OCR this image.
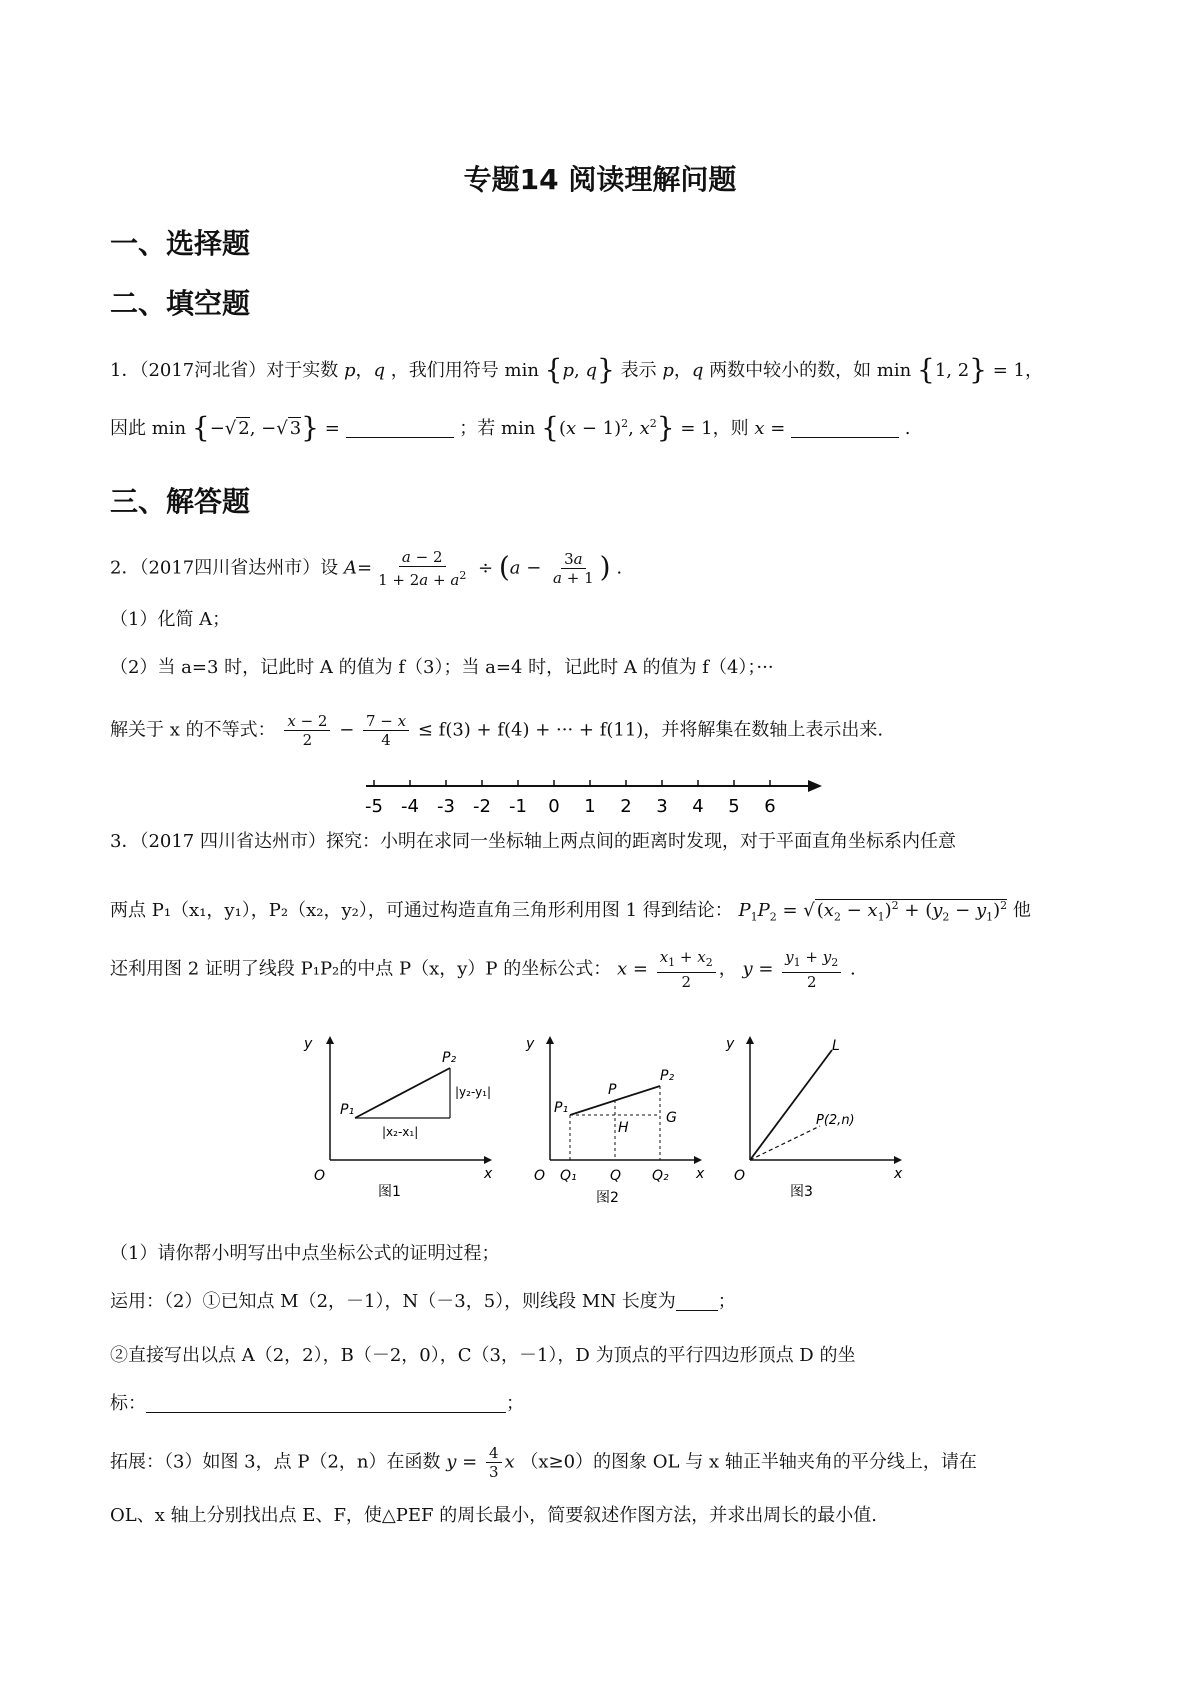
专题14 阅读理解问题
一、选择题
二、填空题
1．（2017河北省）对于实数 p，q ，我们用符号 min {p, q} 表示 p，q 两数中较小的数，如 min {1, 2} = 1，
因此 min {−√ 2, −√ 3} =	；若 $\min \{(x - 1)^2$, $x^2\} = 1$，则 x =	.
三、解答题
2．（2017四川省达州市）设 $A= \frac{a - 2}{1 + 2a + a^2} \div (a - \frac{3a}{a + 1}$ ) .
（1）化简 A；
（2）当 a=3 时，记此时 A 的值为 f（3）；当 a=4 时，记此时 A 的值为 f（4）；···
解关于 x 的不等式： $\frac{x - 2}{2} - \frac{7 - x}{4} \le f(3) + f(4)$ + ··· + f(11)，并将解集在数轴上表示出来.
-5 -4 -3 -2 -1 0 1 2 3 4 5 6
3．（2017 四川省达州市）探究：小明在求同一坐标轴上两点间的距离时发现，对于平面直角坐标系内任意
两点 P₁（x₁，y₁），P₂（x₂，y₂），可通过构造直角三角形利用图 1 得到结论： $P_1P_2$ = √ $(x_2 - x_1)^2 + (y_2 - y_1)^2$ 他
还利用图 2 证明了线段 P₁P₂的中点 P（x，y）P 的坐标公式： $x = \frac{x_1 + x_2}{2}$ ， $y = \frac{y_1 + y_2}{2}$ .
y
x
O
P₁
P₂
|y₂-y₁|
|x₂-x₁|
图1
y
x
O
P₁
P
P₂
H
G
Q₁ Q Q₂
图2
y
x
O
L
P(2,n)
图3
（1）请你帮小明写出中点坐标公式的证明过程；
运用：（2）①已知点 M（2，－1），N（－3，5），则线段 MN 长度为 ；
②直接写出以点 A（2，2），B（－2，0），C（3，－1），D 为顶点的平行四边形顶点 D 的坐
标：	；
拓展：（3）如图 3，点 P（2，n）在函数 $y = \frac{4}{3}$ x （x≥0）的图象 OL 与 x 轴正半轴夹角的平分线上，请在
OL、x 轴上分别找出点 E、F，使△PEF 的周长最小，简要叙述作图方法，并求出周长的最小值.
